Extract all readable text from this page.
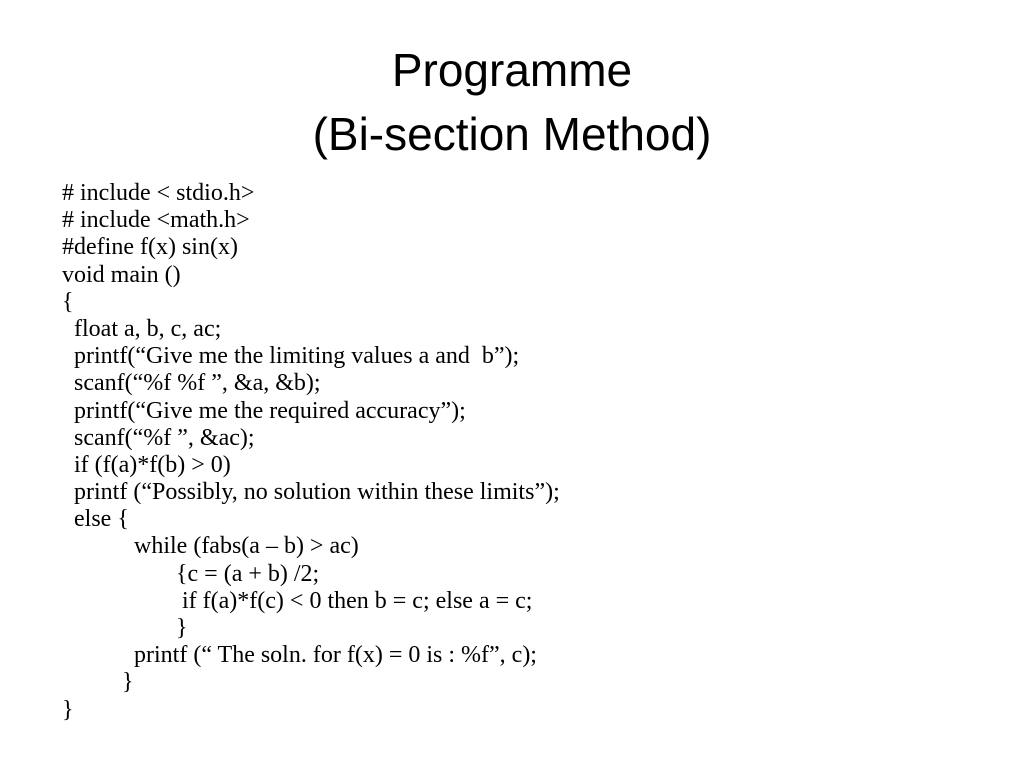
Programme
(Bi-section Method)
# include < stdio.h>
# include <math.h>
#define f(x) sin(x)
void main ()
{
float a, b, c, ac;
printf(“Give me the limiting values a and  b”);
scanf(“%f %f ”, &a, &b);
printf(“Give me the required accuracy”);
scanf(“%f ”, &ac);
if (f(a)*f(b) > 0)
printf (“Possibly, no solution within these limits”);
else {
while (fabs(a – b) > ac)
{c = (a + b) /2;
if f(a)*f(c) < 0 then b = c; else a = c;
}
printf (“ The soln. for f(x) = 0 is : %f”, c);
}
}
